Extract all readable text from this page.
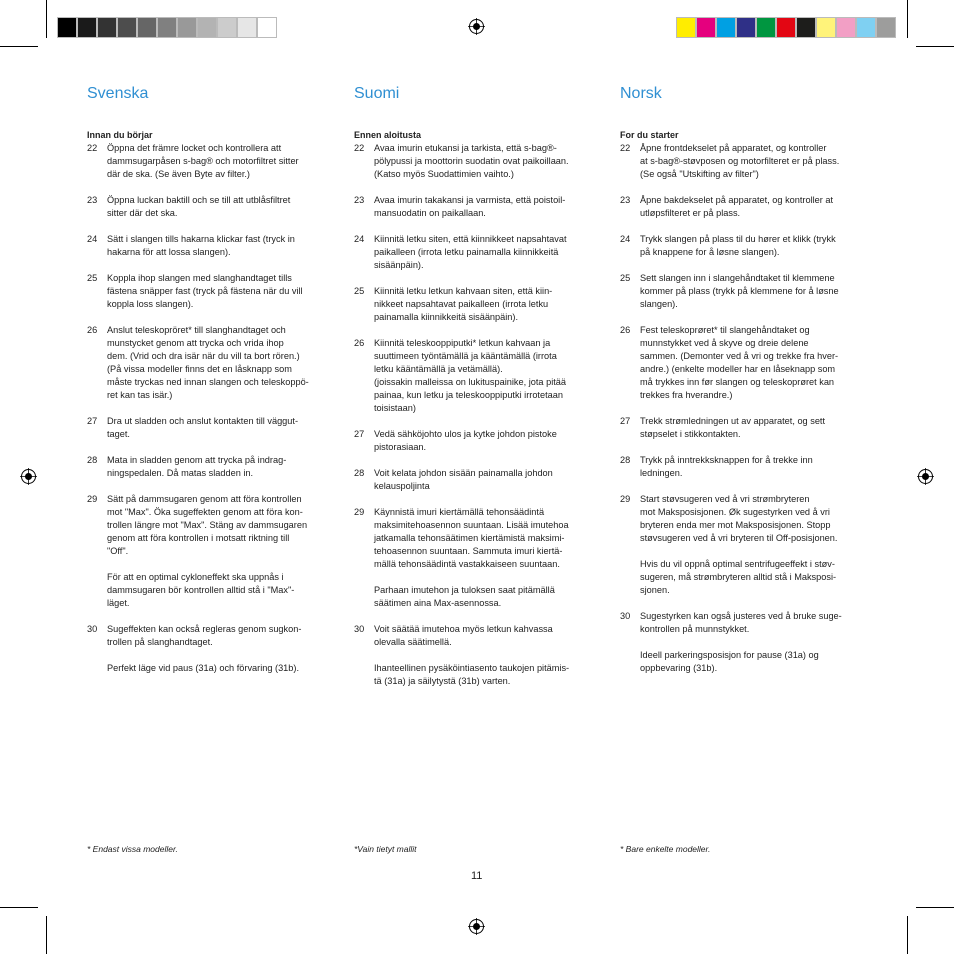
Svenska
Innan du börjar
22	Öppna det främre locket och kontrollera att
dammsugarpåsen s-bag® och motorfiltret sitter
där de ska. (Se även Byte av filter.)

23	Öppna luckan baktill och se till att utblåsfiltret
sitter där det ska.

24	Sätt i slangen tills hakarna klickar fast (tryck in
hakarna för att lossa slangen).

25	Koppla ihop slangen med slanghandtaget tills
fästena snäpper fast (tryck på fästena när du vill
koppla loss slangen).

26	Anslut teleskopröret* till slanghandtaget och
munstycket genom att trycka och vrida ihop
dem. (Vrid och dra isär när du vill ta bort rören.)
(På vissa modeller finns det en låsknapp som
måste tryckas ned innan slangen och teleskopрö-
ret kan tas isär.)

27	Dra ut sladden och anslut kontakten till väggut-
taget.

28	Mata in sladden genom att trycka på indrag-
ningspedalen. Då matas sladden in.

29	Sätt på dammsugaren genom att föra kontrollen
mot "Max". Öka sugeffekten genom att föra kon-
trollen längre mot "Max". Stäng av dammsugaren
genom att föra kontrollen i motsatt riktning till
"Off".

För att en optimal cykloneffekt ska uppnås i
dammsugaren bör kontrollen alltid stå i "Max"-
läget.

30	Sugeffekten kan också regleras genom sugkon-
trollen på slanghandtaget.

Perfekt läge vid paus (31a) och förvaring (31b).

Suomi
Ennen aloitusta
22	Avaa imurin etukansi ja tarkista, että s-bag®-
pölypussi ja moottorin suodatin ovat paikoillaan.
(Katso myös Suodattimien vaihto.)

23	Avaa imurin takakansi ja varmista, että poistoil-
mansuodatin on paikallaan.

24	Kiinnitä letku siten, että kiinnikkeet napsahtavat
paikalleen (irrota letku painamalla kiinnikkeitä
sisäänpäin).

25	Kiinnitä letku letkun kahvaan siten, että kiin-
nikkeet napsahtavat paikalleen (irrota letku
painamalla kiinnikkeitä sisäänpäin).

26	Kiinnitä teleskooppiputki* letkun kahvaan ja
suuttimeen työntämällä ja kääntämällä (irrota
letku kääntämällä ja vetämällä).
(joissakin malleissa on lukituspainike, jota pitää
painaa, kun letku ja teleskooppiputki irrotetaan
toisistaan)

27	Vedä sähköjohto ulos ja kytke johdon pistoke
pistorasiaan.

28	Voit kelata johdon sisään painamalla johdon
kelauspoljinta

29	Käynnistä imuri kiertämällä tehonsäädintä
maksimitehoasennon suuntaan. Lisää imutehoa
jatkamalla tehonsäätimen kiertämistä maksimi-
tehoasennon suuntaan. Sammuta imuri kiertä-
mällä tehonsäädintä vastakkaiseen suuntaan.

Parhaan imutehon ja tuloksen saat pitämällä
säätimen aina Max-asennossa.

30	Voit säätää imutehoa myös letkun kahvassa
olevalla säätimellä.

Ihanteellinen pysäköintiasento taukojen pitämis-
tä (31a) ja säilytystä (31b) varten.

Norsk
For du starter
22	Åpne frontdekselet på apparatet, og kontroller
at s-bag®-støvposen og motorfilteret er på plass.
(Se også "Utskifting av filter")

23	Åpne bakdekselet på apparatet, og kontroller at
utløpsfilteret er på plass.

24	Trykk slangen på plass til du hører et klikk (trykk
på knappene for å løsne slangen).

25	Sett slangen inn i slangehåndtaket til klemmene
kommer på plass (trykk på klemmene for å løsne
slangen).

26	Fest teleskoprøret* til slangehåndtaket og
munnstykket ved å skyve og dreie delene
sammen. (Demonter ved å vri og trekke fra hver-
andre.) (enkelte modeller har en låseknapp som
må trykkes inn før slangen og teleskoprøret kan
trekkes fra hverandre.)

27	Trekk strømledningen ut av apparatet, og sett
støpselet i stikkontakten.

28	Trykk på inntrekksknappen for å trekke inn
ledningen.

29	Start støvsugeren ved å vri strømbryteren
mot Maksposisjonen. Øk sugestyrken ved å vri
bryteren enda mer mot Maksposisjonen. Stopp
støvsugeren ved å vri bryteren til Off-posisjonen.

Hvis du vil oppnå optimal sentrifugeeffekt i støv-
sugeren, må strømbryteren alltid stå i Maksposi-
sjonen.

30	Sugestyrken kan også justeres ved å bruke suge-
kontrollen på munnstykket.

Ideell parkeringsposisjon for pause (31a) og
oppbevaring (31b).

* Endast vissa modeller.	*Vain tietyt mallit	* Bare enkelte modeller.
11
